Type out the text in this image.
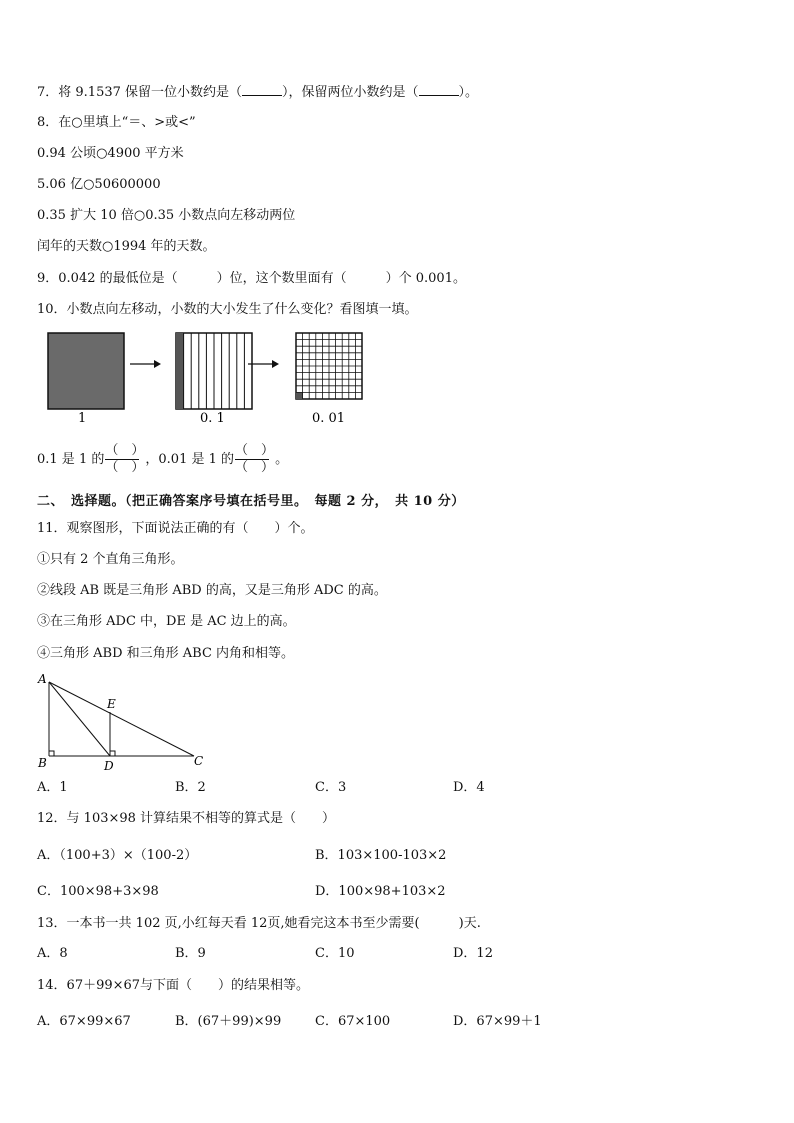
7．将 9.1537 保留一位小数约是（	），保留两位小数约是（	）。
8．在○里填上“＝、>或<”
0.94 公顷○4900 平方米
5.06 亿○50600000
0.35 扩大 10 倍○0.35 小数点向左移动两位
闰年的天数○1994 年的天数。
9．0.042 的最低位是（　　　）位，这个数里面有（　　　）个 0.001。
10．小数点向左移动，小数的大小发生了什么变化？看图填一填。
1	0. 1	0. 01
0.1 是 1 的 $\frac{( )}{( )}$ ，0.01 是 1 的 $\frac{( )}{( )}$ 。
二、　选择题。（把正确答案序号填在括号里。　每题 2 分，　共 10 分）
11．观察图形，下面说法正确的有（　　）个。
①只有 2 个直角三角形。
②线段 AB 既是三角形 ABD 的高，又是三角形 ADC 的高。
③在三角形 ADC 中，DE 是 AC 边上的高。
④三角形 ABD 和三角形 ABC 内角和相等。
A
E
B	D	C
A．1	B．2	C．3	D．4
12．与 103×98 计算结果不相等的算式是（　　）
A．（100+3）×（100-2）	B．103×100-103×2
C．100×98+3×98	D．100×98+103×2
13．一本书一共 102 页,小红每天看 12页,她看完这本书至少需要(　　　)天.
A．8	B．9	C．10	D．12
14．67＋99×67与下面（　　）的结果相等。
A．67×99×67	B．(67＋99)×99	C．67×100	D．67×99＋1
